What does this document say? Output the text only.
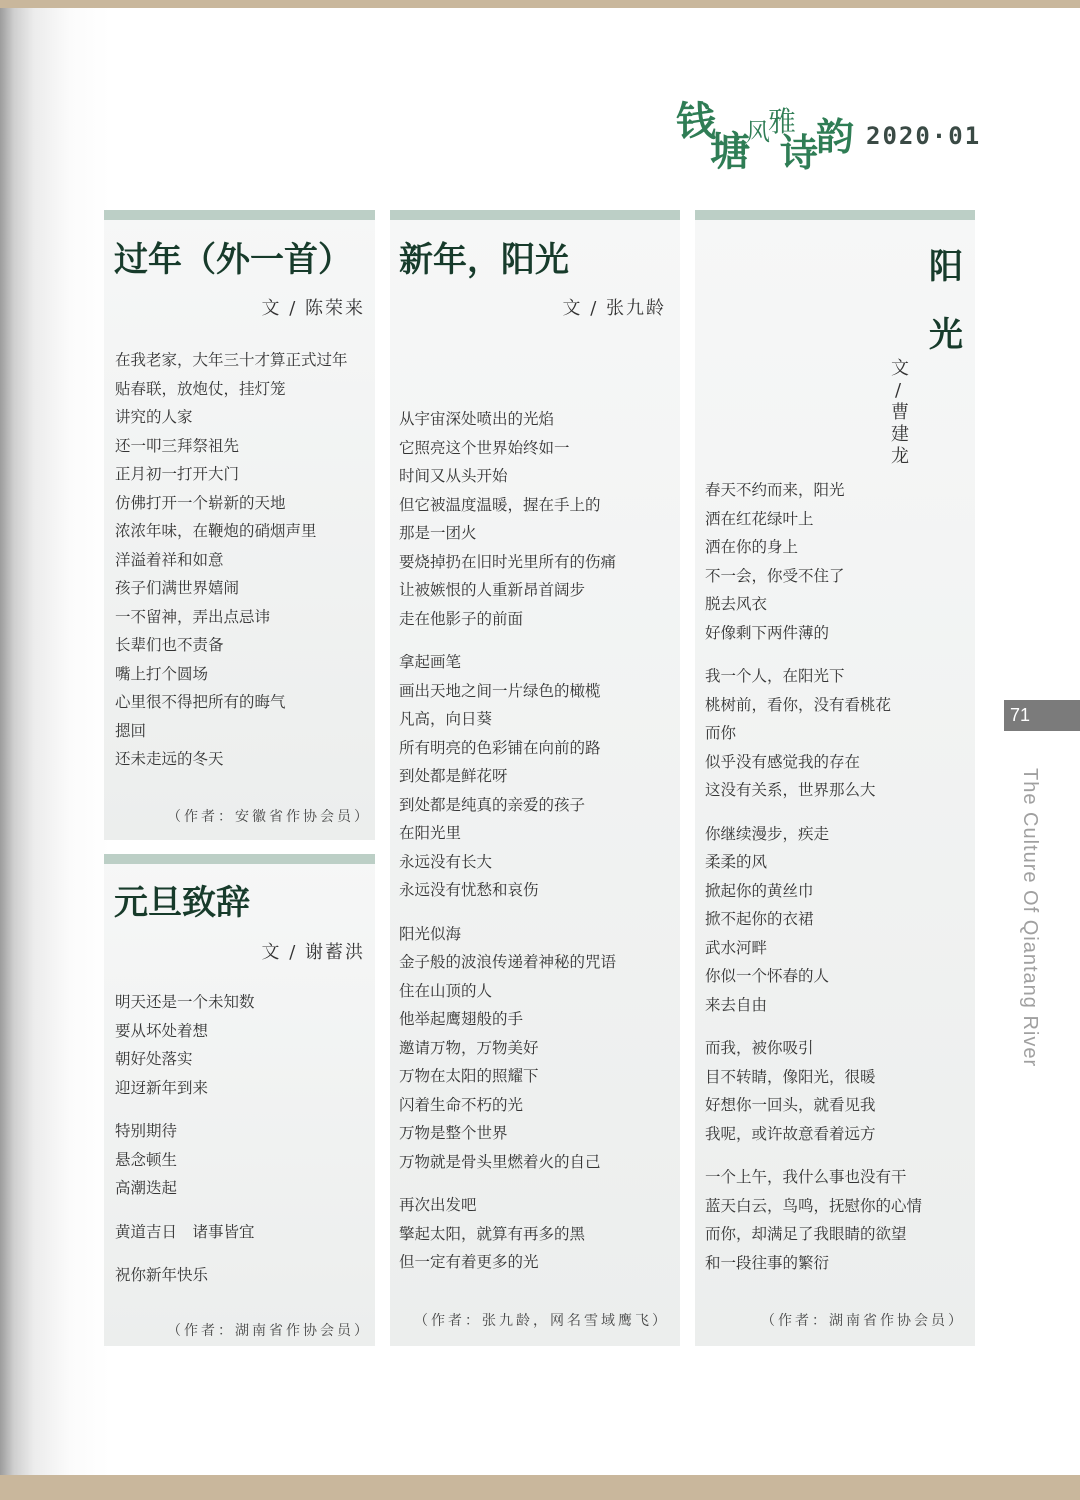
钱
塘
风
雅
诗
韵 2020·01
过年（外一首）
文 / 陈荣来
在我老家，大年三十才算正式过年
贴春联，放炮仗，挂灯笼
讲究的人家
还一叩三拜祭祖先
正月初一打开大门
仿佛打开一个崭新的天地
浓浓年味，在鞭炮的硝烟声里
洋溢着祥和如意
孩子们满世界嬉闹
一不留神，弄出点忌讳
长辈们也不责备
嘴上打个圆场
心里很不得把所有的晦气
摁回
还未走远的冬天
（作者：安徽省作协会员）
元旦致辞
文 / 谢蓄洪
明天还是一个未知数
要从坏处着想
朝好处落实
迎迓新年到来
特别期待
悬念顿生
高潮迭起
黄道吉日　诸事皆宜
祝你新年快乐
（作者：湖南省作协会员）
新年，阳光
文 / 张九龄
从宇宙深处喷出的光焰
它照亮这个世界始终如一
时间又从头开始
但它被温度温暖，握在手上的
那是一团火
要烧掉扔在旧时光里所有的伤痛
让被嫉恨的人重新昂首阔步
走在他影子的前面
拿起画笔
画出天地之间一片绿色的橄榄
凡高，向日葵
所有明亮的色彩铺在向前的路
到处都是鲜花呀
到处都是纯真的亲爱的孩子
在阳光里
永远没有长大
永远没有忧愁和哀伤
阳光似海
金子般的波浪传递着神秘的咒语
住在山顶的人
他举起鹰翅般的手
邀请万物，万物美好
万物在太阳的照耀下
闪着生命不朽的光
万物是整个世界
万物就是骨头里燃着火的自己
再次出发吧
擎起太阳，就算有再多的黑
但一定有着更多的光
（作者：张九龄，网名雪域鹰飞）
阳
光
文
/
曹
建
龙
春天不约而来，阳光
洒在红花绿叶上
洒在你的身上
不一会，你受不住了
脱去风衣
好像剩下两件薄的
我一个人，在阳光下
桃树前，看你，没有看桃花
而你
似乎没有感觉我的存在
这没有关系，世界那么大
你继续漫步，疾走
柔柔的风
掀起你的黄丝巾
掀不起你的衣裙
武水河畔
你似一个怀春的人
来去自由
而我，被你吸引
目不转睛，像阳光，很暖
好想你一回头，就看见我
我呢，或许故意看着远方
一个上午，我什么事也没有干
蓝天白云，鸟鸣，抚慰你的心情
而你，却满足了我眼睛的欲望
和一段往事的繁衍
（作者：湖南省作协会员）
71
The Culture Of Qiantang River
